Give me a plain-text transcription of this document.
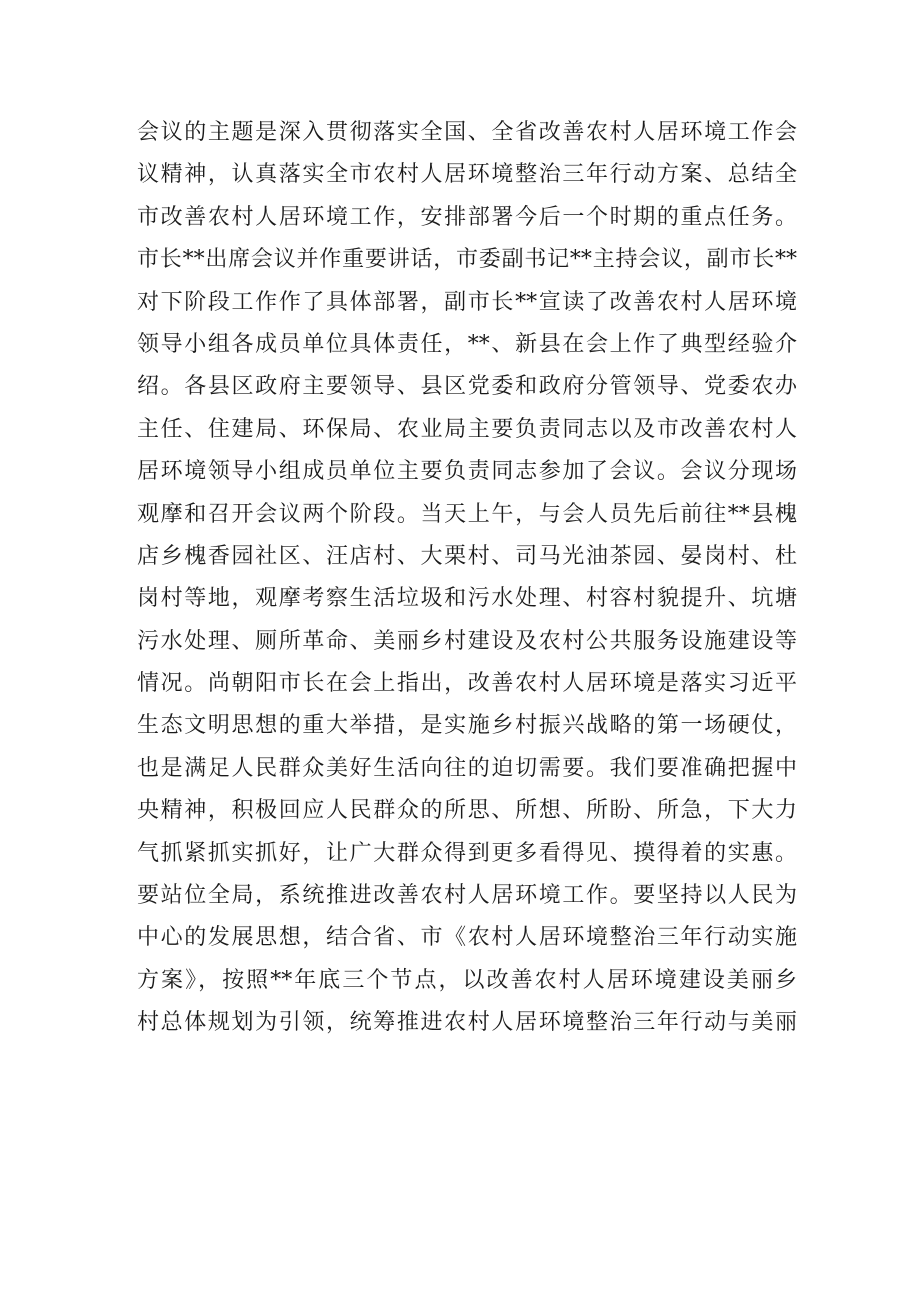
会议的主题是深入贯彻落实全国、全省改善农村人居环境工作会
议精神，认真落实全市农村人居环境整治三年行动方案、总结全
市改善农村人居环境工作，安排部署今后一个时期的重点任务。
市长**出席会议并作重要讲话，市委副书记**主持会议，副市长**
对下阶段工作作了具体部署，副市长**宣读了改善农村人居环境
领导小组各成员单位具体责任，**、新县在会上作了典型经验介
绍。各县区政府主要领导、县区党委和政府分管领导、党委农办
主任、住建局、环保局、农业局主要负责同志以及市改善农村人
居环境领导小组成员单位主要负责同志参加了会议。会议分现场
观摩和召开会议两个阶段。当天上午，与会人员先后前往**县槐
店乡槐香园社区、汪店村、大栗村、司马光油茶园、晏岗村、杜
岗村等地，观摩考察生活垃圾和污水处理、村容村貌提升、坑塘
污水处理、厕所革命、美丽乡村建设及农村公共服务设施建设等
情况。尚朝阳市长在会上指出，改善农村人居环境是落实习近平
生态文明思想的重大举措，是实施乡村振兴战略的第一场硬仗，
也是满足人民群众美好生活向往的迫切需要。我们要准确把握中
央精神，积极回应人民群众的所思、所想、所盼、所急，下大力
气抓紧抓实抓好，让广大群众得到更多看得见、摸得着的实惠。
要站位全局，系统推进改善农村人居环境工作。要坚持以人民为
中心的发展思想，结合省、市《农村人居环境整治三年行动实施
方案》，按照**年底三个节点，以改善农村人居环境建设美丽乡
村总体规划为引领，统筹推进农村人居环境整治三年行动与美丽
